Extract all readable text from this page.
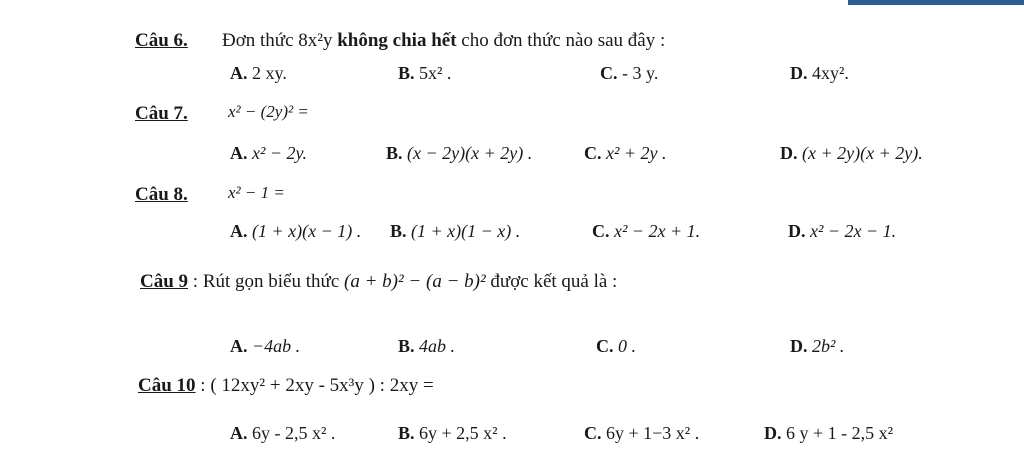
Câu 6. Đơn thức 8x²y không chia hết cho đơn thức nào sau đây :
A. 2 xy.	B. 5x² .	C. - 3 y.	D. 4xy².
Câu 7. x² − (2y)² =
A. x² − 2y.	B. (x − 2y)(x + 2y) .	C. x² + 2y .	D. (x + 2y)(x + 2y).
Câu 8. x² − 1 =
A. (1 + x)(x − 1) . B. (1 + x)(1 − x) .	C. x² − 2x + 1.	D. x² − 2x − 1.
Câu 9 : Rút gọn biểu thức (a + b)² − (a − b)² được kết quả là :
A. −4ab .	B. 4ab .	C. 0 .	D. 2b² .
Câu 10 : ( 12xy² + 2xy - 5x³y ) : 2xy =
A. 6y - 2,5 x² .	B. 6y + 2,5 x² .	C. 6y + 1−3 x² .	D. 6 y + 1 - 2,5 x²
